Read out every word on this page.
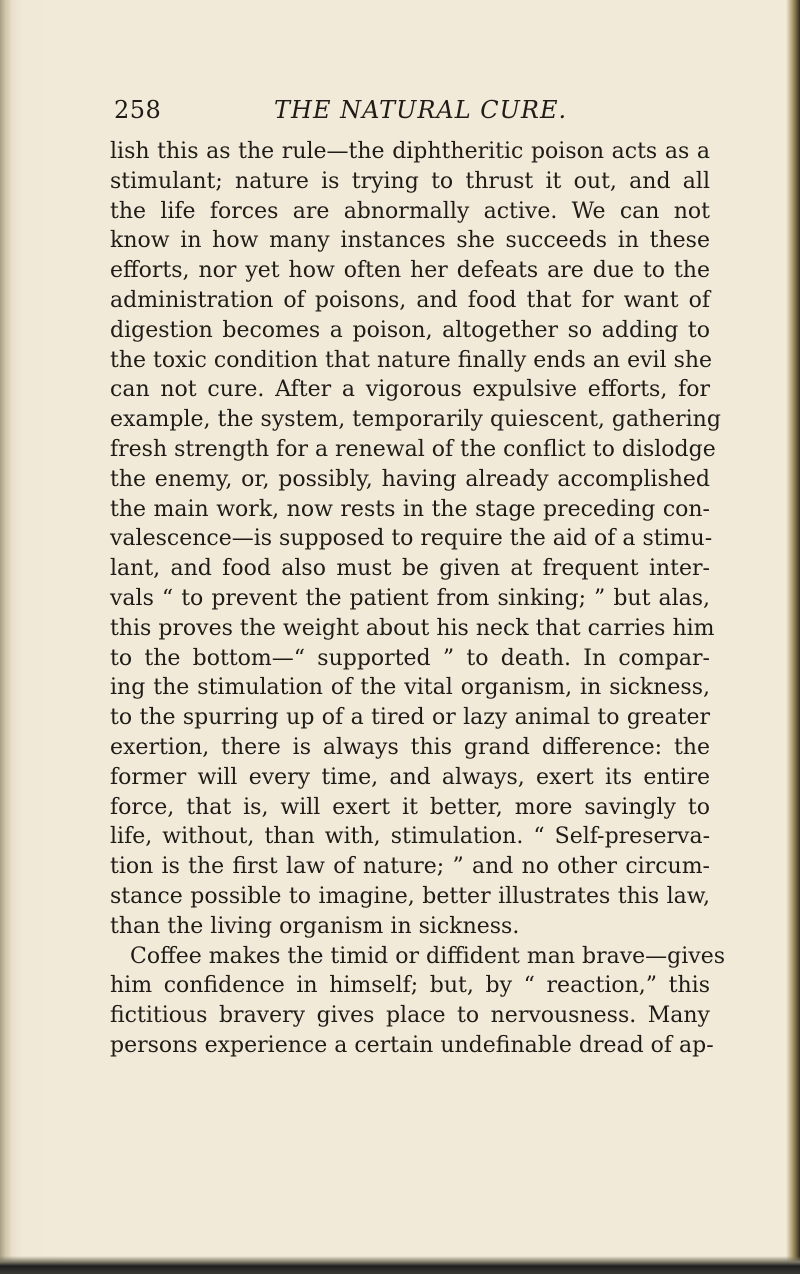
258	THE NATURAL CURE.
lish this as the rule—the diphtheritic poison acts as a
stimulant; nature is trying to thrust it out, and all
the life forces are abnormally active. We can not
know in how many instances she succeeds in these
efforts, nor yet how often her defeats are due to the
administration of poisons, and food that for want of
digestion becomes a poison, altogether so adding to
the toxic condition that nature finally ends an evil she
can not cure. After a vigorous expulsive efforts, for
example, the system, temporarily quiescent, gathering
fresh strength for a renewal of the conflict to dislodge
the enemy, or, possibly, having already accomplished
the main work, now rests in the stage preceding con-
valescence—is supposed to require the aid of a stimu-
lant, and food also must be given at frequent inter-
vals “ to prevent the patient from sinking; ” but alas,
this proves the weight about his neck that carries him
to the bottom—“ supported ” to death. In compar-
ing the stimulation of the vital organism, in sickness,
to the spurring up of a tired or lazy animal to greater
exertion, there is always this grand difference: the
former will every time, and always, exert its entire
force, that is, will exert it better, more savingly to
life, without, than with, stimulation. “ Self-preserva-
tion is the first law of nature; ” and no other circum-
stance possible to imagine, better illustrates this law,
than the living organism in sickness.
Coffee makes the timid or diffident man brave—gives
him confidence in himself; but, by “ reaction,” this
fictitious bravery gives place to nervousness. Many
persons experience a certain undefinable dread of ap-
